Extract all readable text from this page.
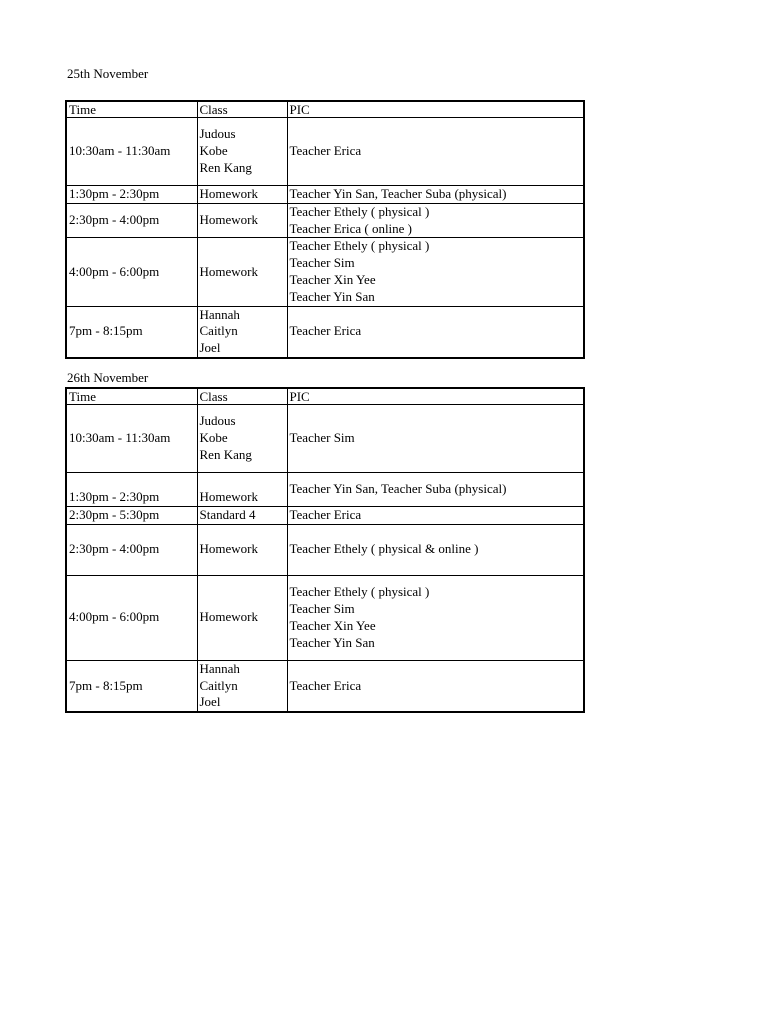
25th November
Time	Class	PIC
10:30am - 11:30am	Judous
Kobe
Ren Kang	Teacher Erica

1:30pm - 2:30pm	Homework	Teacher Yin San, Teacher Suba (physical)

2:30pm - 4:00pm	Homework	Teacher Ethely ( physical )
Teacher Erica ( online )

4:00pm - 6:00pm	Homework	Teacher Ethely ( physical )
Teacher Sim
Teacher Xin Yee
Teacher Yin San

7pm - 8:15pm	Hannah
Caitlyn
Joel	Teacher Erica
26th November
Time	Class	PIC
10:30am - 11:30am	Judous
Kobe
Ren Kang	Teacher Sim

1:30pm - 2:30pm	Homework	Teacher Yin San, Teacher Suba (physical)

2:30pm - 5:30pm	Standard 4	Teacher Erica

2:30pm - 4:00pm	Homework	Teacher Ethely ( physical & online )

4:00pm - 6:00pm	Homework	Teacher Ethely ( physical )
Teacher Sim
Teacher Xin Yee
Teacher Yin San

7pm - 8:15pm	Hannah
Caitlyn
Joel	Teacher Erica
